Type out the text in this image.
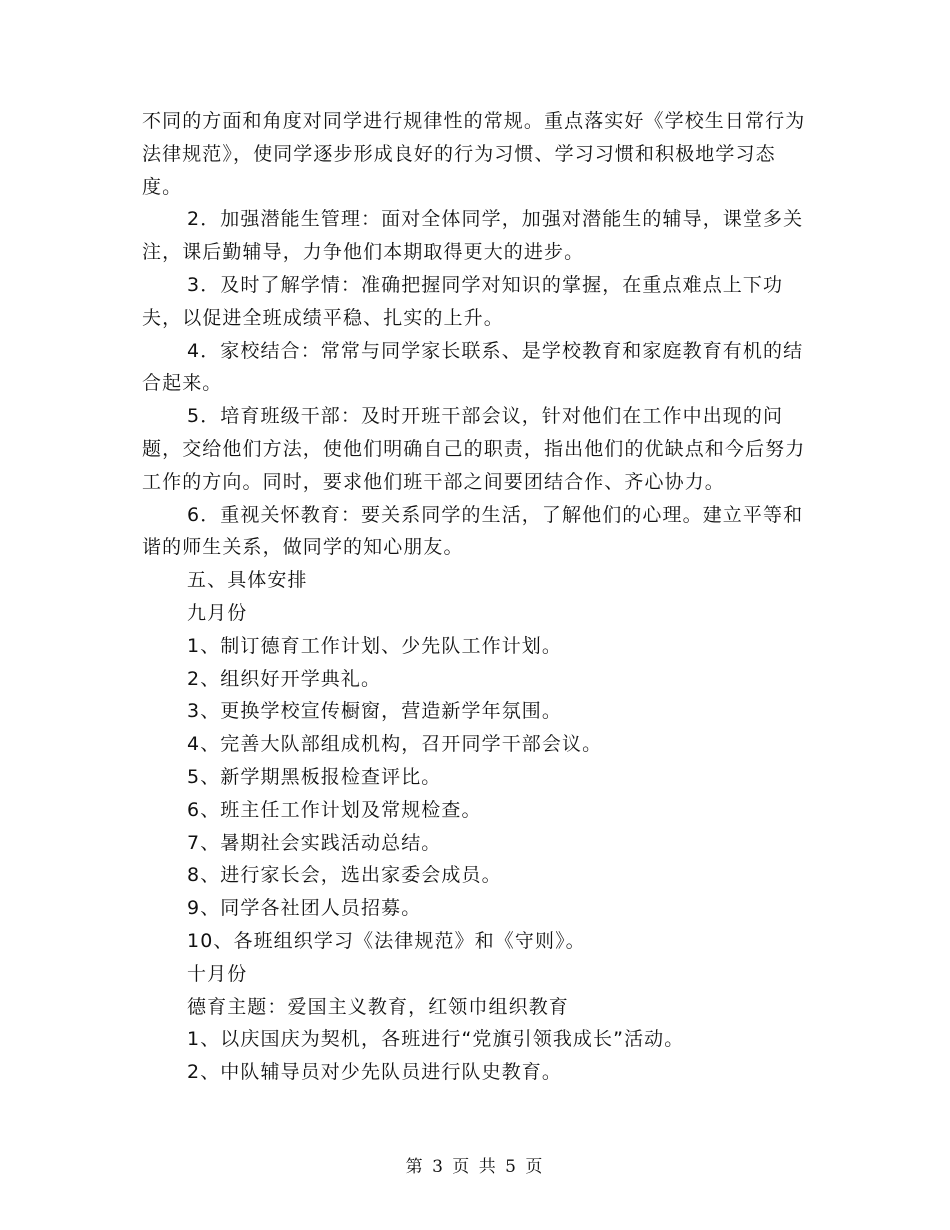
不同的方面和角度对同学进行规律性的常规。重点落实好《学校生日常行为法律规范》，使同学逐步形成良好的行为习惯、学习习惯和积极地学习态度。

2．加强潜能生管理：面对全体同学，加强对潜能生的辅导，课堂多关注，课后勤辅导，力争他们本期取得更大的进步。

3．及时了解学情：准确把握同学对知识的掌握，在重点难点上下功夫，以促进全班成绩平稳、扎实的上升。

4．家校结合：常常与同学家长联系、是学校教育和家庭教育有机的结合起来。

5．培育班级干部：及时开班干部会议，针对他们在工作中出现的问题，交给他们方法，使他们明确自己的职责，指出他们的优缺点和今后努力工作的方向。同时，要求他们班干部之间要团结合作、齐心协力。

6．重视关怀教育：要关系同学的生活，了解他们的心理。建立平等和谐的师生关系，做同学的知心朋友。

五、具体安排

九月份

1、制订德育工作计划、少先队工作计划。

2、组织好开学典礼。

3、更换学校宣传橱窗，营造新学年氛围。

4、完善大队部组成机构，召开同学干部会议。

5、新学期黑板报检查评比。

6、班主任工作计划及常规检查。

7、暑期社会实践活动总结。

8、进行家长会，选出家委会成员。

9、同学各社团人员招募。

10、各班组织学习《法律规范》和《守则》。

十月份

德育主题：爱国主义教育，红领巾组织教育

1、以庆国庆为契机，各班进行“党旗引领我成长”活动。

2、中队辅导员对少先队员进行队史教育。

第 3 页 共 5 页
